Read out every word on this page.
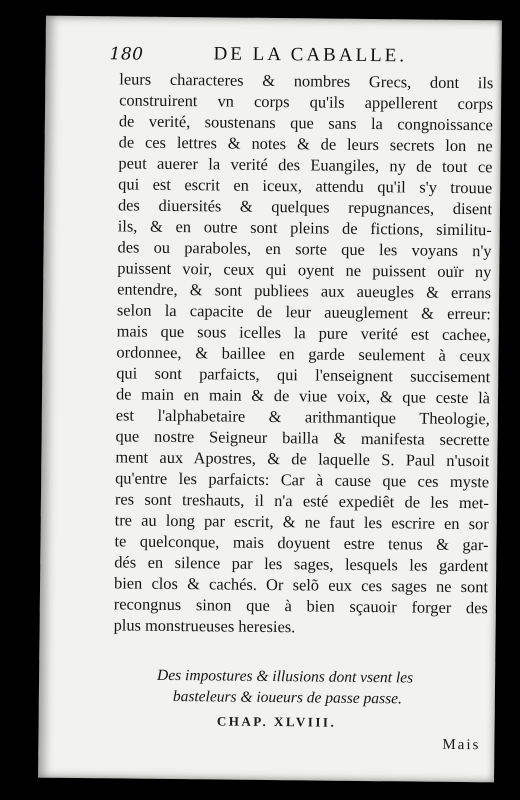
180	DE LA CABALLE.
leurs characteres & nombres Grecs, dont ils
construirent vn corps qu'ils appellerent corps
de verité, soustenans que sans la congnoissance
de ces lettres & notes & de leurs secrets lon ne
peut auerer la verité des Euangiles, ny de tout ce
qui est escrit en iceux, attendu qu'il s'y trouue
des diuersités & quelques repugnances, disent
ils, & en outre sont pleins de fictions, similitu-
des ou paraboles, en sorte que les voyans n'y
puissent voir, ceux qui oyent ne puissent ouïr ny
entendre, & sont publiees aux aueugles & errans
selon la capacite de leur aueuglement & erreur:
mais que sous icelles la pure verité est cachee,
ordonnee, & baillee en garde seulement à ceux
qui sont parfaicts, qui l'enseignent succisement
de main en main & de viue voix, & que ceste là
est l'alphabetaire & arithmantique Theologie,
que nostre Seigneur bailla & manifesta secrette
ment aux Apostres, & de laquelle S. Paul n'usoit
qu'entre les parfaicts: Car à cause que ces myste
res sont treshauts, il n'a esté expediêt de les met-
tre au long par escrit, & ne faut les escrire en sor
te quelconque, mais doyuent estre tenus & gar-
dés en silence par les sages, lesquels les gardent
bien clos & cachés. Or selõ eux ces sages ne sont
recongnus sinon que à bien sçauoir forger des
plus monstrueuses heresies.
Des impostures & illusions dont vsent les
basteleurs & ioueurs de passe passe.
CHAP. XLVIII.
Mais
